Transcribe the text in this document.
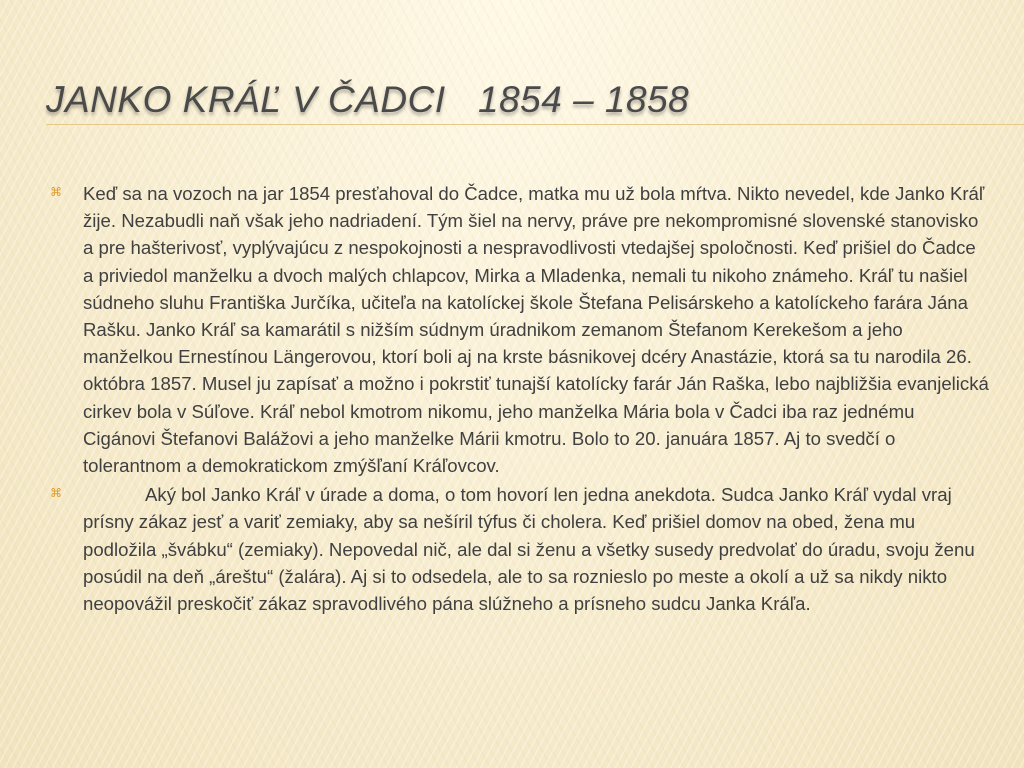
JANKO KRÁĽ V ČADCI   1854 – 1858
⌘ Keď sa na vozoch na jar 1854 presťahoval do Čadce, matka mu už bola mŕtva. Nikto nevedel, kde Janko Kráľ žije. Nezabudli naň však jeho nadriadení. Tým šiel na nervy, práve pre nekompromisné slovenské stanovisko a pre hašterivosť, vyplývajúcu z nespokojnosti a nespravodlivosti vtedajšej spoločnosti. Keď prišiel do Čadce a priviedol manželku a dvoch malých chlapcov, Mirka a Mladenka, nemali tu nikoho známeho. Kráľ tu našiel súdneho sluhu Františka Jurčíka, učiteľa na katolíckej škole Štefana Pelisárskeho a katolíckeho farára Jána Rašku. Janko Kráľ sa kamarátil s nižším súdnym úradnikom zemanom Štefanom Kerekešom a jeho manželkou Ernestínou Längerovou, ktorí boli aj na krste básnikovej dcéry Anastázie, ktorá sa tu narodila 26. októbra 1857. Musel ju zapísať a možno i pokrstiť tunajší katolícky farár Ján Raška, lebo najbližšia evanjelická cirkev bola v Súľove. Kráľ nebol kmotrom nikomu, jeho manželka Mária bola v Čadci iba raz jednému Cigánovi Štefanovi Balážovi a jeho manželke Márii kmotru. Bolo to 20. januára 1857. Aj to svedčí o tolerantnom a demokratickom zmýšľaní Kráľovcov.

⌘	Aký bol Janko Kráľ v úrade a doma, o tom hovorí len jedna anekdota. Sudca Janko Kráľ vydal vraj prísny zákaz jesť a variť zemiaky, aby sa nešíril týfus či cholera. Keď prišiel domov na obed, žena mu podložila „švábku“ (zemiaky). Nepovedal nič, ale dal si ženu a všetky susedy predvolať do úradu, svoju ženu posúdil na deň „áreštu“ (žalára). Aj si to odsedela, ale to sa roznieslo po meste a okolí a už sa nikdy nikto neopovážil preskočiť zákaz spravodlivého pána slúžneho a prísneho sudcu Janka Kráľa.
